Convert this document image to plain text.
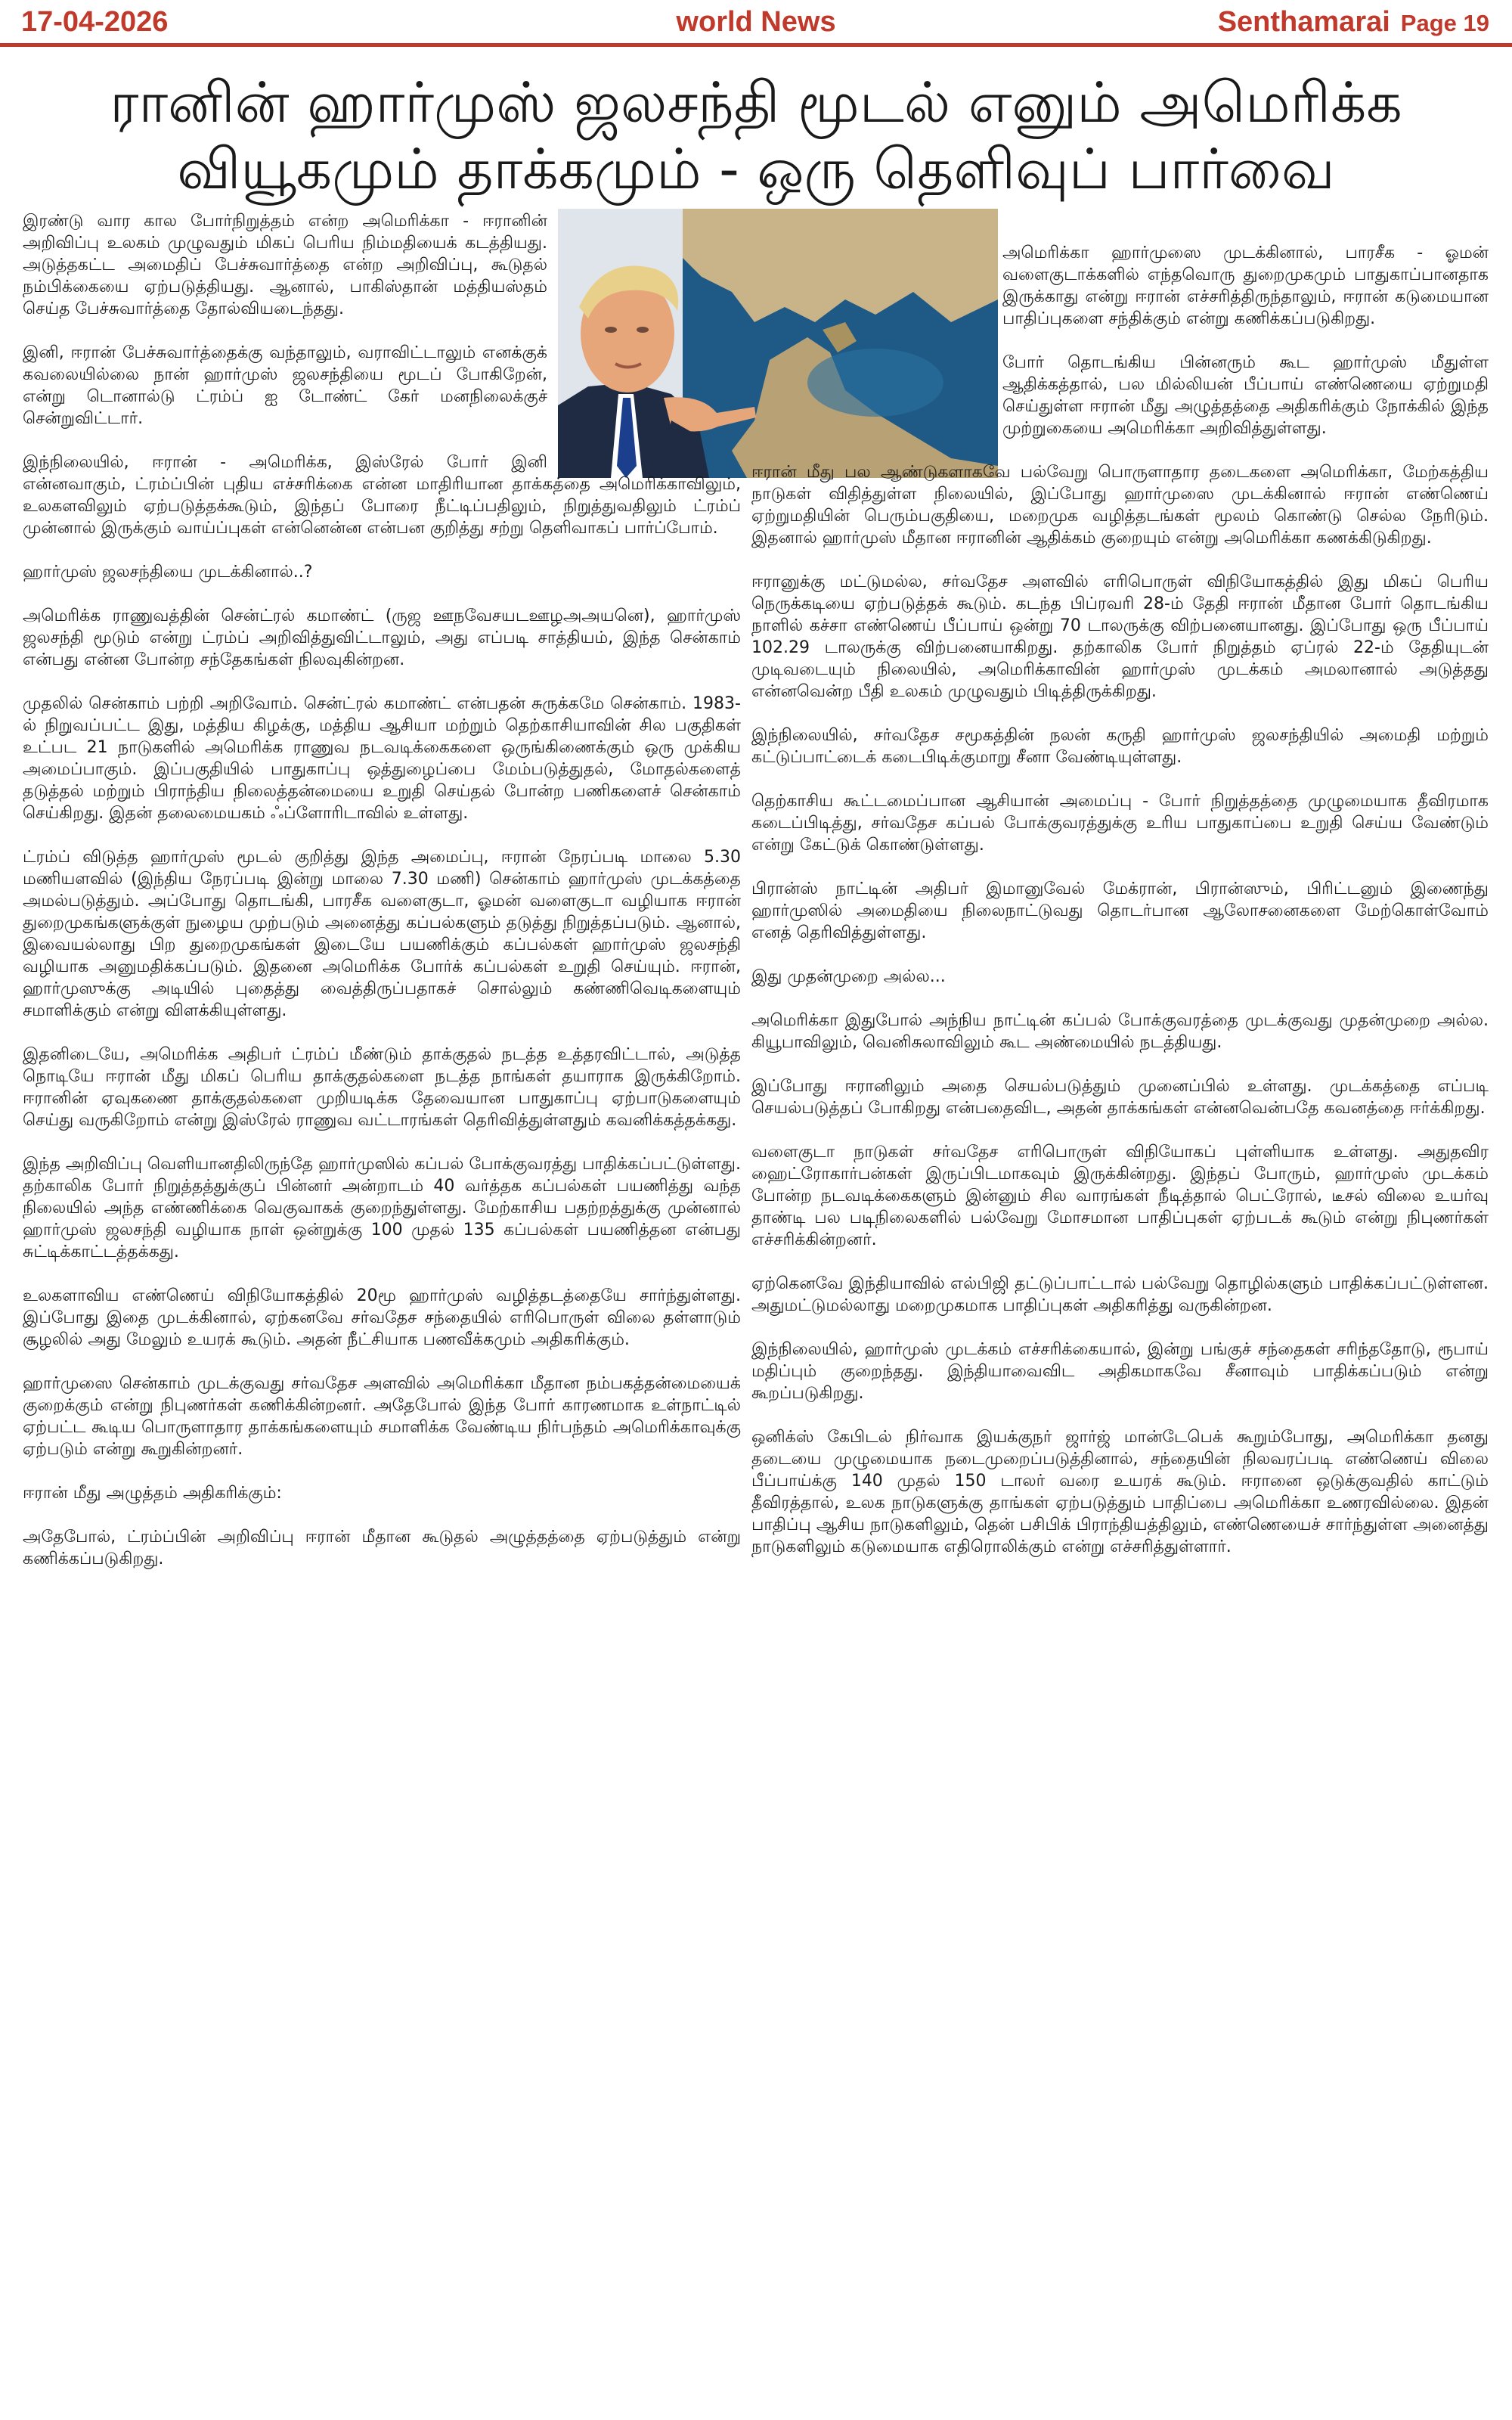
17-04-2026	world News	Senthamarai Page 19
ரானின் ஹார்முஸ் ஜலசந்தி மூடல் எனும் அமெரிக்க
வியூகமும் தாக்கமும் - ஒரு தெளிவுப் பார்வை

இரண்டு வார கால போர்நிறுத்தம் என்ற அமெரிக்கா - ஈரானின் அறிவிப்பு உலகம் முழுவதும் மிகப் பெரிய நிம்மதியைக் கடத்தியது. அடுத்தகட்ட அமைதிப் பேச்சுவார்த்தை என்ற அறிவிப்பு, கூடுதல் நம்பிக்கையை ஏற்படுத்தியது. ஆனால், பாகிஸ்தான் மத்தியஸ்தம் செய்த பேச்சுவார்த்தை தோல்வியடைந்தது.

இனி, ஈரான் பேச்சுவார்த்தைக்கு வந்தாலும், வராவிட்டாலும் எனக்குக் கவலையில்லை நான் ஹார்முஸ் ஜலசந்தியை மூடப் போகிறேன், என்று டொனால்டு ட்ரம்ப் ஐ டோண்ட் கேர் மனநிலைக்குச் சென்றுவிட்டார்.

இந்நிலையில், ஈரான் - அமெரிக்க, இஸ்ரேல் போர் இனி என்னவாகும், ட்ரம்ப்பின் புதிய எச்சரிக்கை என்ன மாதிரியான தாக்கத்தை அமெரிக்காவிலும், உலகளவிலும் ஏற்படுத்தக்கூடும், இந்தப் போரை நீட்டிப்பதிலும், நிறுத்துவதிலும் ட்ரம்ப் முன்னால் இருக்கும் வாய்ப்புகள் என்னென்ன என்பன குறித்து சற்று தெளிவாகப் பார்ப்போம்.

ஹார்முஸ் ஜலசந்தியை முடக்கினால்..?

அமெரிக்க ராணுவத்தின் சென்ட்ரல் கமாண்ட் (ருஜ ஊநவேசயட‌ஊழஅஅயனெ), ஹார்முஸ் ஜலசந்தி மூடும் என்று ட்ரம்ப் அறிவித்துவிட்டாலும், அது எப்படி சாத்தியம், இந்த சென்காம் என்பது என்ன போன்ற சந்தேகங்கள் நிலவுகின்றன.

முதலில் சென்காம் பற்றி அறிவோம். சென்ட்ரல் கமாண்ட் என்பதன் சுருக்கமே சென்காம். 1983-ல் நிறுவப்பட்ட இது, மத்திய கிழக்கு, மத்திய ஆசியா மற்றும் தெற்காசியாவின் சில பகுதிகள் உட்பட 21 நாடுகளில் அமெரிக்க ராணுவ நடவடிக்கைகளை ஒருங்கிணைக்கும் ஒரு முக்கிய அமைப்பாகும். இப்பகுதியில் பாதுகாப்பு ஒத்துழைப்பை மேம்படுத்துதல், மோதல்களைத் தடுத்தல் மற்றும் பிராந்திய நிலைத்தன்மையை உறுதி செய்தல் போன்ற பணிகளைச் சென்காம் செய்கிறது. இதன் தலைமையகம் ஃப்ளோரிடாவில் உள்ளது.

ட்ரம்ப் விடுத்த ஹார்முஸ் மூடல் குறித்து இந்த அமைப்பு, ஈரான் நேரப்படி மாலை 5.30 மணியளவில் (இந்திய நேரப்படி இன்று மாலை 7.30 மணி) சென்காம் ஹார்முஸ் முடக்கத்தை அமல்படுத்தும். அப்போது தொடங்கி, பாரசீக வளைகுடா, ஓமன் வளைகுடா வழியாக ஈரான் துறைமுகங்களுக்குள் நுழைய முற்படும் அனைத்து கப்பல்களும் தடுத்து நிறுத்தப்படும். ஆனால், இவையல்லாது பிற துறைமுகங்கள் இடையே பயணிக்கும் கப்பல்கள் ஹார்முஸ் ஜலசந்தி வழியாக அனுமதிக்கப்படும். இதனை அமெரிக்க போர்க் கப்பல்கள் உறுதி செய்யும். ஈரான், ஹார்முஸுக்கு அடியில் புதைத்து வைத்திருப்பதாகச் சொல்லும் கண்ணிவெடிகளையும் சமாளிக்கும் என்று விளக்கியுள்ளது.

இதனிடையே, அமெரிக்க அதிபர் ட்ரம்ப் மீண்டும் தாக்குதல் நடத்த உத்தரவிட்டால், அடுத்த நொடியே ஈரான் மீது மிகப் பெரிய தாக்குதல்களை நடத்த நாங்கள் தயாராக இருக்கிறோம். ஈரானின் ஏவுகணை தாக்குதல்களை முறியடிக்க தேவையான பாதுகாப்பு ஏற்பாடுகளையும் செய்து வருகிறோம் என்று இஸ்ரேல் ராணுவ வட்டாரங்கள் தெரிவித்துள்ளதும் கவனிக்கத்தக்கது.

இந்த அறிவிப்பு வெளியானதிலிருந்தே ஹார்முஸில் கப்பல் போக்குவரத்து பாதிக்கப்பட்டுள்ளது. தற்காலிக போர் நிறுத்தத்துக்குப் பின்னர் அன்றாடம் 40 வர்த்தக கப்பல்கள் பயணித்து வந்த நிலையில் அந்த எண்ணிக்கை வெகுவாகக் குறைந்துள்ளது. மேற்காசிய பதற்றத்துக்கு முன்னால் ஹார்முஸ் ஜலசந்தி வழியாக நாள் ஒன்றுக்கு 100 முதல் 135 கப்பல்கள் பயணித்தன என்பது சுட்டிக்காட்டத்தக்கது.

உலகளாவிய எண்ணெய் விநியோகத்தில் 20மூ ஹார்முஸ் வழித்தடத்தையே சார்ந்துள்ளது. இப்போது இதை முடக்கினால், ஏற்கனவே சர்வதேச சந்தையில் எரிபொருள் விலை தள்ளாடும் சூழலில் அது மேலும் உயரக் கூடும். அதன் நீட்சியாக பணவீக்கமும் அதிகரிக்கும்.

ஹார்முஸை சென்காம் முடக்குவது சர்வதேச அளவில் அமெரிக்கா மீதான நம்பகத்தன்மையைக் குறைக்கும் என்று நிபுணர்கள் கணிக்கின்றனர். அதேபோல் இந்த போர் காரணமாக உள்நாட்டில் ஏற்பட்ட கூடிய பொருளாதார தாக்கங்களையும் சமாளிக்க வேண்டிய நிர்பந்தம் அமெரிக்காவுக்கு ஏற்படும் என்று கூறுகின்றனர்.

ஈரான் மீது அழுத்தம் அதிகரிக்கும்:

அதேபோல், ட்ரம்ப்பின் அறிவிப்பு ஈரான் மீதான கூடுதல் அழுத்தத்தை ஏற்படுத்தும் என்று கணிக்கப்படுகிறது.

அமெரிக்கா ஹார்முஸை முடக்கினால், பாரசீக - ஓமன் வளைகுடாக்களில் எந்தவொரு துறைமுகமும் பாதுகாப்பானதாக இருக்காது என்று ஈரான் எச்சரித்திருந்தாலும், ஈரான் கடுமையான பாதிப்புகளை சந்திக்கும் என்று கணிக்கப்படுகிறது.

போர் தொடங்கிய பின்னரும் கூட ஹார்முஸ் மீதுள்ள ஆதிக்கத்தால், பல மில்லியன் பீப்பாய் எண்ணெயை ஏற்றுமதி செய்துள்ள ஈரான் மீது அழுத்தத்தை அதிகரிக்கும் நோக்கில் இந்த முற்றுகையை அமெரிக்கா அறிவித்துள்ளது.

ஈரான் மீது பல ஆண்டுகளாகவே பல்வேறு பொருளாதார தடைகளை அமெரிக்கா, மேற்கத்திய நாடுகள் விதித்துள்ள நிலையில், இப்போது ஹார்முஸை முடக்கினால் ஈரான் எண்ணெய் ஏற்றுமதியின் பெரும்பகுதியை, மறைமுக வழித்தடங்கள் மூலம் கொண்டு செல்ல நேரிடும். இதனால் ஹார்முஸ் மீதான ஈரானின் ஆதிக்கம் குறையும் என்று அமெரிக்கா கணக்கிடுகிறது.

ஈரானுக்கு மட்டுமல்ல, சர்வதேச அளவில் எரிபொருள் விநியோகத்தில் இது மிகப் பெரிய நெருக்கடியை ஏற்படுத்தக் கூடும். கடந்த பிப்ரவரி 28-ம் தேதி ஈரான் மீதான போர் தொடங்கிய நாளில் கச்சா எண்ணெய் பீப்பாய் ஒன்று 70 டாலருக்கு விற்பனையானது. இப்போது ஒரு பீப்பாய் 102.29 டாலருக்கு விற்பனையாகிறது. தற்காலிக போர் நிறுத்தம் ஏப்ரல் 22-ம் தேதியுடன் முடிவடையும் நிலையில், அமெரிக்காவின் ஹார்முஸ் முடக்கம் அமலானால் அடுத்தது என்னவென்ற பீதி உலகம் முழுவதும் பிடித்திருக்கிறது.

இந்நிலையில், சர்வதேச சமூகத்தின் நலன் கருதி ஹார்முஸ் ஜலசந்தியில் அமைதி மற்றும் கட்டுப்பாட்டைக் கடைபிடிக்குமாறு சீனா வேண்டியுள்ளது.

தெற்காசிய கூட்டமைப்பான ஆசியான் அமைப்பு - போர் நிறுத்தத்தை முழுமையாக தீவிரமாக கடைப்பிடித்து, சர்வதேச கப்பல் போக்குவரத்துக்கு உரிய பாதுகாப்பை உறுதி செய்ய வேண்டும் என்று கேட்டுக் கொண்டுள்ளது.

பிரான்ஸ் நாட்டின் அதிபர் இமானுவேல் மேக்ரான், பிரான்ஸும், பிரிட்டனும் இணைந்து ஹார்முஸில் அமைதியை நிலைநாட்டுவது தொடர்பான ஆலோசனைகளை மேற்கொள்வோம் எனத் தெரிவித்துள்ளது.

இது முதன்முறை அல்ல...

அமெரிக்கா இதுபோல் அந்நிய நாட்டின் கப்பல் போக்குவரத்தை முடக்குவது முதன்முறை அல்ல. கியூபாவிலும், வெனிசுலாவிலும் கூட அண்மையில் நடத்தியது.

இப்போது ஈரானிலும் அதை செயல்படுத்தும் முனைப்பில் உள்ளது. முடக்கத்தை எப்படி செயல்படுத்தப் போகிறது என்பதைவிட, அதன் தாக்கங்கள் என்னவென்பதே கவனத்தை ஈர்க்கிறது.

வளைகுடா நாடுகள் சர்வதேச எரிபொருள் விநியோகப் புள்ளியாக உள்ளது. அதுதவிர ஹைட்ரோகார்பன்கள் இருப்பிடமாகவும் இருக்கின்றது. இந்தப் போரும், ஹார்முஸ் முடக்கம் போன்ற நடவடிக்கைகளும் இன்னும் சில வாரங்கள் நீடித்தால் பெட்ரோல், டீசல் விலை உயர்வு தாண்டி பல படிநிலைகளில் பல்வேறு மோசமான பாதிப்புகள் ஏற்படக் கூடும் என்று நிபுணர்கள் எச்சரிக்கின்றனர்.

ஏற்கெனவே இந்தியாவில் எல்பிஜி தட்டுப்பாட்டால் பல்வேறு தொழில்களும் பாதிக்கப்பட்டுள்ளன. அதுமட்டுமல்லாது மறைமுகமாக பாதிப்புகள் அதிகரித்து வருகின்றன.

இந்நிலையில், ஹார்முஸ் முடக்கம் எச்சரிக்கையால், இன்று பங்குச் சந்தைகள் சரிந்ததோடு, ரூபாய் மதிப்பும் குறைந்தது. இந்தியாவைவிட அதிகமாகவே சீனாவும் பாதிக்கப்படும் என்று கூறப்படுகிறது.

ஒனிக்ஸ் கேபிடல் நிர்வாக இயக்குநர் ஜார்ஜ் மான்டேபெக் கூறும்போது, அமெரிக்கா தனது தடையை முழுமையாக நடைமுறைப்படுத்தினால், சந்தையின் நிலவரப்படி எண்ணெய் விலை பீப்பாய்க்கு 140 முதல் 150 டாலர் வரை உயரக் கூடும். ஈரானை ஒடுக்குவதில் காட்டும் தீவிரத்தால், உலக நாடுகளுக்கு தாங்கள் ஏற்படுத்தும் பாதிப்பை அமெரிக்கா உணரவில்லை. இதன் பாதிப்பு ஆசிய நாடுகளிலும், தென் பசிபிக் பிராந்தியத்திலும், எண்ணெயைச் சார்ந்துள்ள அனைத்து நாடுகளிலும் கடுமையாக எதிரொலிக்கும் என்று எச்சரித்துள்ளார்.
